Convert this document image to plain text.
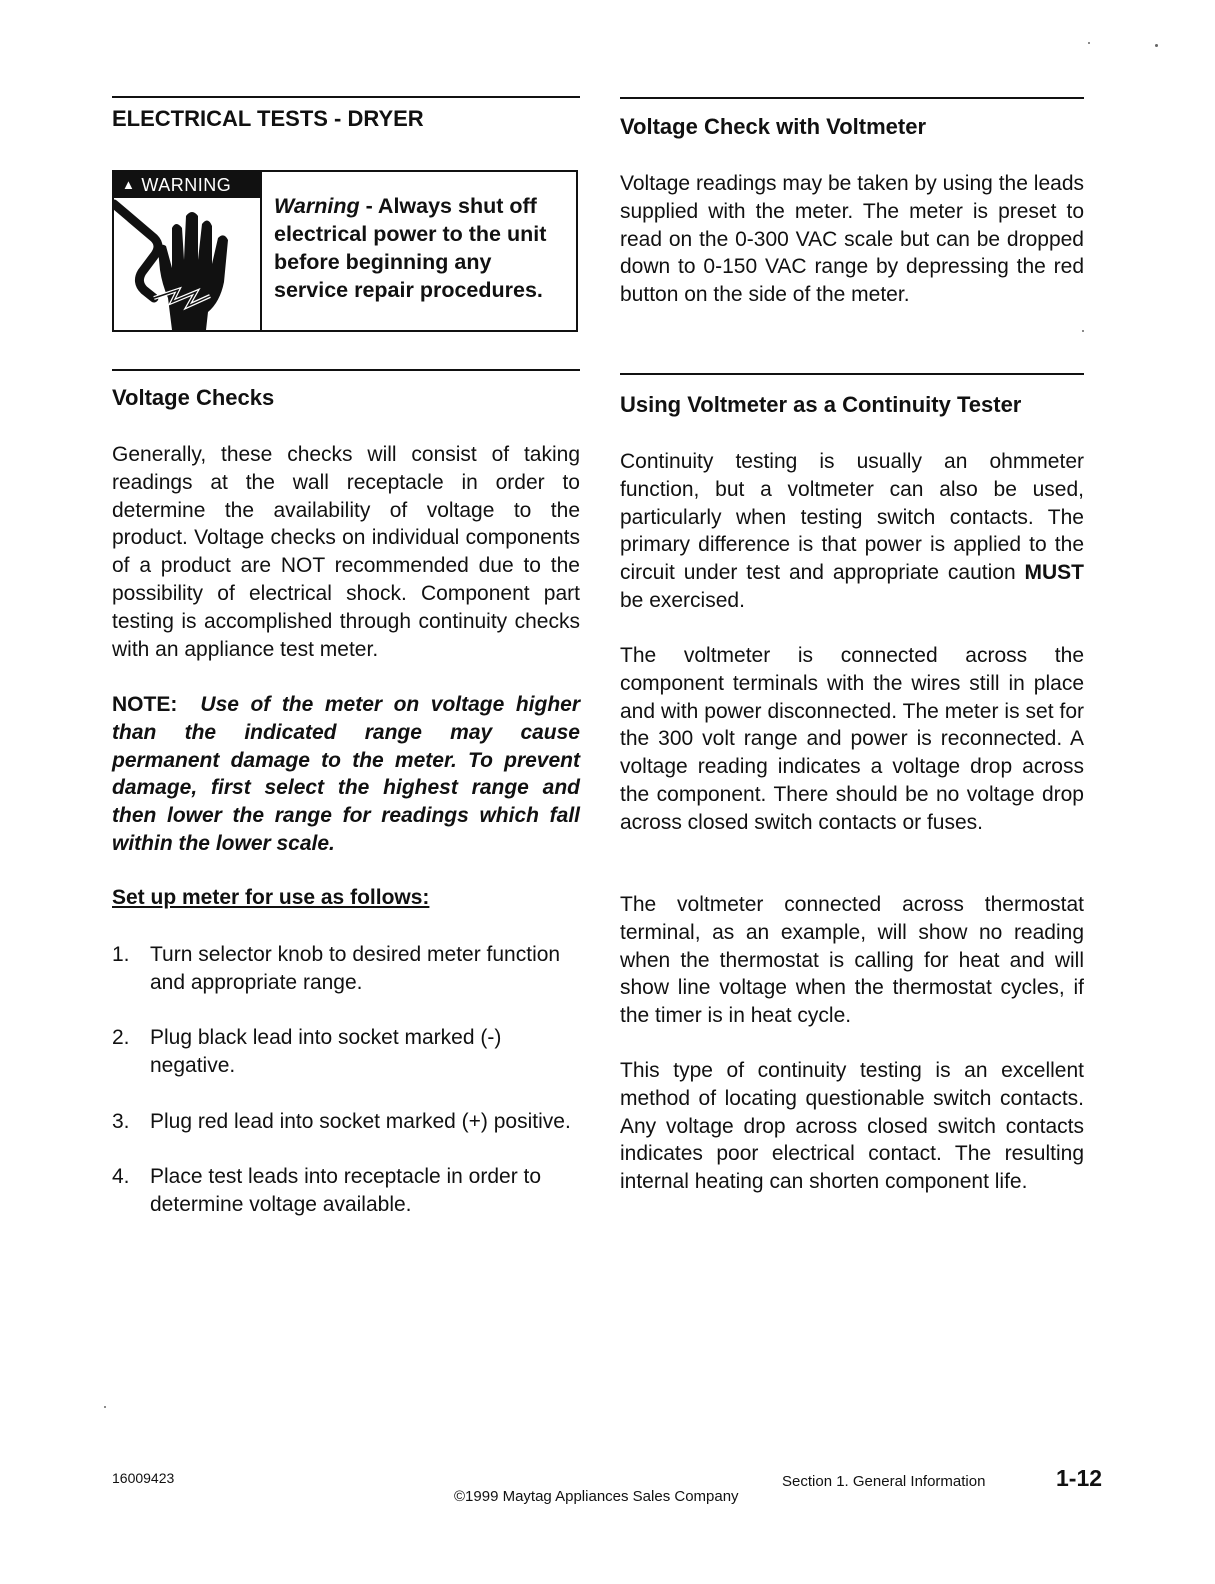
ELECTRICAL TESTS - DRYER
▲ WARNING
Warning - Always shut off electrical power to the unit before beginning any service repair procedures.
Voltage Checks

Generally, these checks will consist of taking readings at the wall receptacle in order to determine the availability of voltage to the product. Voltage checks on individual components of a product are NOT recommended due to the possibility of electrical shock. Component part testing is accomplished through continuity checks with an appliance test meter.

NOTE: Use of the meter on voltage higher than the indicated range may cause permanent damage to the meter. To prevent damage, first select the highest range and then lower the range for readings which fall within the lower scale.

Set up meter for use as follows:
1. Turn selector knob to desired meter function and appropriate range.
2. Plug black lead into socket marked (-) negative.
3. Plug red lead into socket marked (+) positive.
4. Place test leads into receptacle in order to determine voltage available.
Voltage Check with Voltmeter

Voltage readings may be taken by using the leads supplied with the meter. The meter is preset to read on the 0-300 VAC scale but can be dropped down to 0-150 VAC range by depressing the red button on the side of the meter.

Using Voltmeter as a Continuity Tester

Continuity testing is usually an ohmmeter function, but a voltmeter can also be used, particularly when testing switch contacts. The primary difference is that power is applied to the circuit under test and appropriate caution MUST be exercised.

The voltmeter is connected across the component terminals with the wires still in place and with power disconnected. The meter is set for the 300 volt range and power is reconnected. A voltage reading indicates a voltage drop across the component. There should be no voltage drop across closed switch contacts or fuses.

The voltmeter connected across thermostat terminal, as an example, will show no reading when the thermostat is calling for heat and will show line voltage when the thermostat cycles, if the timer is in heat cycle.

This type of continuity testing is an excellent method of locating questionable switch contacts. Any voltage drop across closed switch contacts indicates poor electrical contact. The resulting internal heating can shorten component life.

16009423
©1999 Maytag Appliances Sales Company
Section 1. General Information	1-12
